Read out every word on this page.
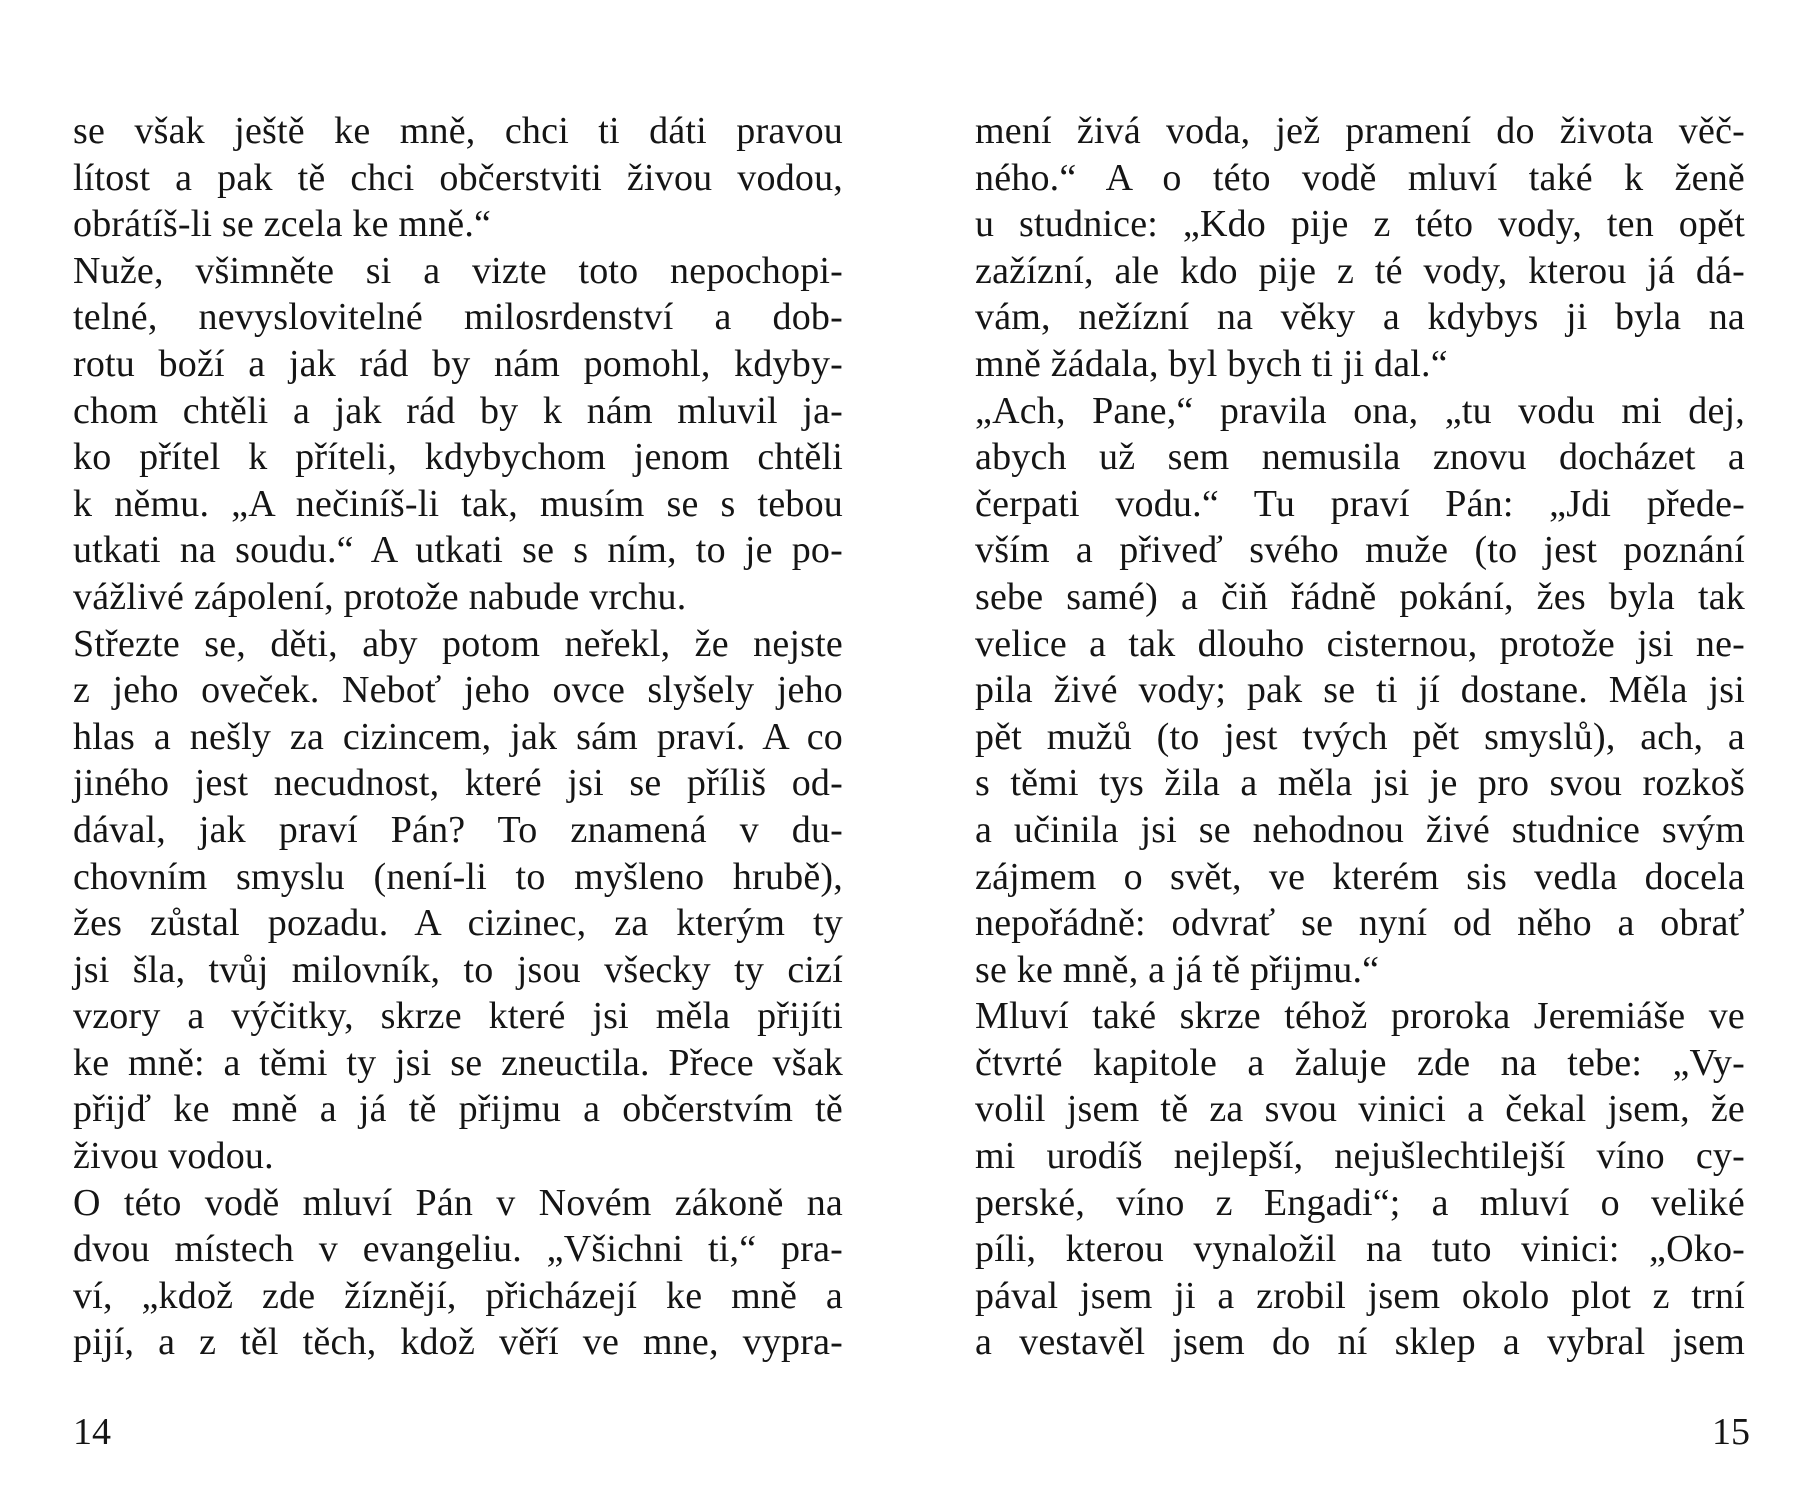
se však ještě ke mně, chci ti dáti pravou
lítost a pak tě chci občerstviti živou vodou,
obrátíš-li se zcela ke mně.“
Nuže, všimněte si a vizte toto nepochopi-
telné, nevyslovitelné milosrdenství a dob-
rotu boží a jak rád by nám pomohl, kdyby-
chom chtěli a jak rád by k nám mluvil ja-
ko přítel k příteli, kdybychom jenom chtěli
k němu. „A nečiníš-li tak, musím se s tebou
utkati na soudu.“ A utkati se s ním, to je po-
vážlivé zápolení, protože nabude vrchu.
Střezte se, děti, aby potom neřekl, že nejste
z jeho oveček. Neboť jeho ovce slyšely jeho
hlas a nešly za cizincem, jak sám praví. A co
jiného jest necudnost, které jsi se příliš od-
dával, jak praví Pán? To znamená v du-
chovním smyslu (není-li to myšleno hrubě),
žes zůstal pozadu. A cizinec, za kterým ty
jsi šla, tvůj milovník, to jsou všecky ty cizí
vzory a výčitky, skrze které jsi měla přijíti
ke mně: a těmi ty jsi se zneuctila. Přece však
přijď ke mně a já tě přijmu a občerstvím tě
živou vodou.
O této vodě mluví Pán v Novém zákoně na
dvou místech v evangeliu. „Všichni ti,“ pra-
ví, „kdož zde žíznějí, přicházejí ke mně a
pijí, a z těl těch, kdož věří ve mne, vypra-
14
mení živá voda, jež pramení do života věč-
ného.“ A o této vodě mluví také k ženě
u studnice: „Kdo pije z této vody, ten opět
zažízní, ale kdo pije z té vody, kterou já dá-
vám, nežízní na věky a kdybys ji byla na
mně žádala, byl bych ti ji dal.“
„Ach, Pane,“ pravila ona, „tu vodu mi dej,
abych už sem nemusila znovu docházet a
čerpati vodu.“ Tu praví Pán: „Jdi přede-
vším a přiveď svého muže (to jest poznání
sebe samé) a čiň řádně pokání, žes byla tak
velice a tak dlouho cisternou, protože jsi ne-
pila živé vody; pak se ti jí dostane. Měla jsi
pět mužů (to jest tvých pět smyslů), ach, a
s těmi tys žila a měla jsi je pro svou rozkoš
a učinila jsi se nehodnou živé studnice svým
zájmem o svět, ve kterém sis vedla docela
nepořádně: odvrať se nyní od něho a obrať
se ke mně, a já tě přijmu.“
Mluví také skrze téhož proroka Jeremiáše ve
čtvrté kapitole a žaluje zde na tebe: „Vy-
volil jsem tě za svou vinici a čekal jsem, že
mi urodíš nejlepší, nejušlechtilejší víno cy-
perské, víno z Engadi“; a mluví o veliké
píli, kterou vynaložil na tuto vinici: „Oko-
pával jsem ji a zrobil jsem okolo plot z trní
a vestavěl jsem do ní sklep a vybral jsem
15
